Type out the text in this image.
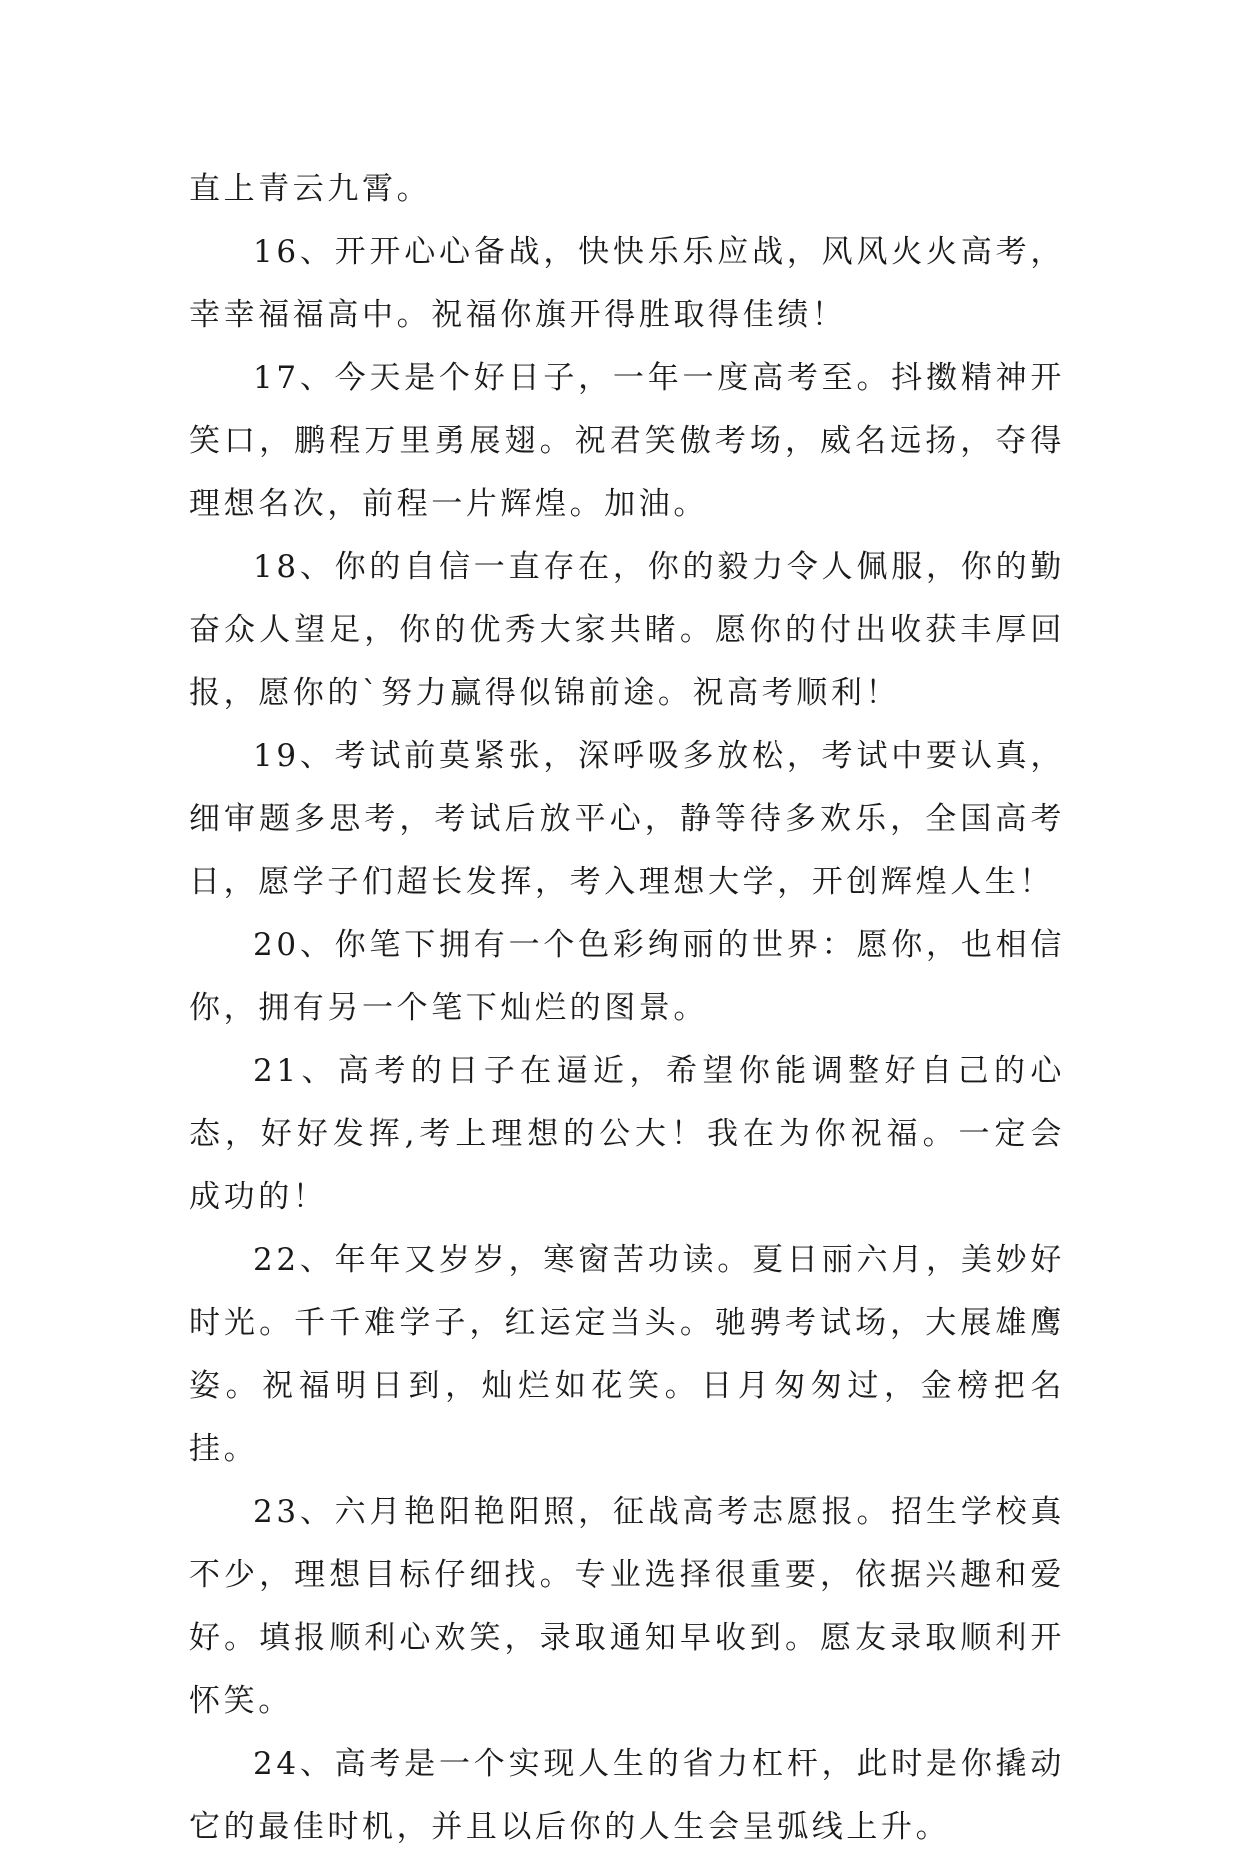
直上青云九霄。

16、开开心心备战，快快乐乐应战，风风火火高考，幸幸福福高中。祝福你旗开得胜取得佳绩！

17、今天是个好日子，一年一度高考至。抖擞精神开笑口，鹏程万里勇展翅。祝君笑傲考场，威名远扬，夺得理想名次，前程一片辉煌。加油。

18、你的自信一直存在，你的毅力令人佩服，你的勤奋众人望足，你的优秀大家共睹。愿你的付出收获丰厚回报，愿你的`努力赢得似锦前途。祝高考顺利！

19、考试前莫紧张，深呼吸多放松，考试中要认真，细审题多思考，考试后放平心，静等待多欢乐，全国高考日，愿学子们超长发挥，考入理想大学，开创辉煌人生！

20、你笔下拥有一个色彩绚丽的世界：愿你，也相信你，拥有另一个笔下灿烂的图景。

21、高考的日子在逼近，希望你能调整好自己的心态，好好发挥,考上理想的公大！我在为你祝福。一定会成功的！

22、年年又岁岁，寒窗苦功读。夏日丽六月，美妙好时光。千千难学子，红运定当头。驰骋考试场，大展雄鹰姿。祝福明日到，灿烂如花笑。日月匆匆过，金榜把名挂。

23、六月艳阳艳阳照，征战高考志愿报。招生学校真不少，理想目标仔细找。专业选择很重要，依据兴趣和爱好。填报顺利心欢笑，录取通知早收到。愿友录取顺利开怀笑。

24、高考是一个实现人生的省力杠杆，此时是你撬动它的最佳时机，并且以后你的人生会呈弧线上升。
